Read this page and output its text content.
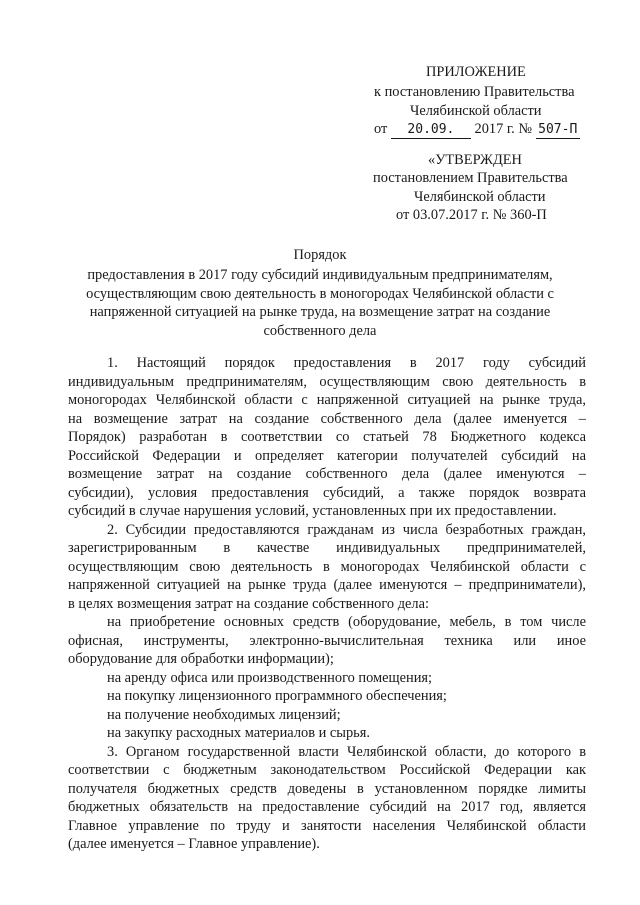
ПРИЛОЖЕНИЕ
к постановлению Правительства
Челябинской области
от 20.09. 2017 г. № 507-П
«УТВЕРЖДЕН
постановлением Правительства
Челябинской области
от 03.07.2017 г. № 360-П
Порядок
предоставления в 2017 году субсидий индивидуальным предпринимателям,
осуществляющим свою деятельность в моногородах Челябинской области с
напряженной ситуацией на рынке труда, на возмещение затрат на создание
собственного дела
1. Настоящий порядок предоставления в 2017 году субсидий
индивидуальным предпринимателям, осуществляющим свою деятельность в
моногородах Челябинской области с напряженной ситуацией на рынке труда,
на возмещение затрат на создание собственного дела (далее именуется –
Порядок) разработан в соответствии со статьей 78 Бюджетного кодекса
Российской Федерации и определяет категории получателей субсидий на
возмещение затрат на создание собственного дела (далее именуются –
субсидии), условия предоставления субсидий, а также порядок возврата
субсидий в случае нарушения условий, установленных при их предоставлении.
2. Субсидии предоставляются гражданам из числа безработных граждан,
зарегистрированным в качестве индивидуальных предпринимателей,
осуществляющим свою деятельность в моногородах Челябинской области с
напряженной ситуацией на рынке труда (далее именуются – предприниматели),
в целях возмещения затрат на создание собственного дела:
на приобретение основных средств (оборудование, мебель, в том числе
офисная, инструменты, электронно-вычислительная техника или иное
оборудование для обработки информации);
на аренду офиса или производственного помещения;
на покупку лицензионного программного обеспечения;
на получение необходимых лицензий;
на закупку расходных материалов и сырья.
3. Органом государственной власти Челябинской области, до которого в
соответствии с бюджетным законодательством Российской Федерации как
получателя бюджетных средств доведены в установленном порядке лимиты
бюджетных обязательств на предоставление субсидий на 2017 год, является
Главное управление по труду и занятости населения Челябинской области
(далее именуется – Главное управление).
